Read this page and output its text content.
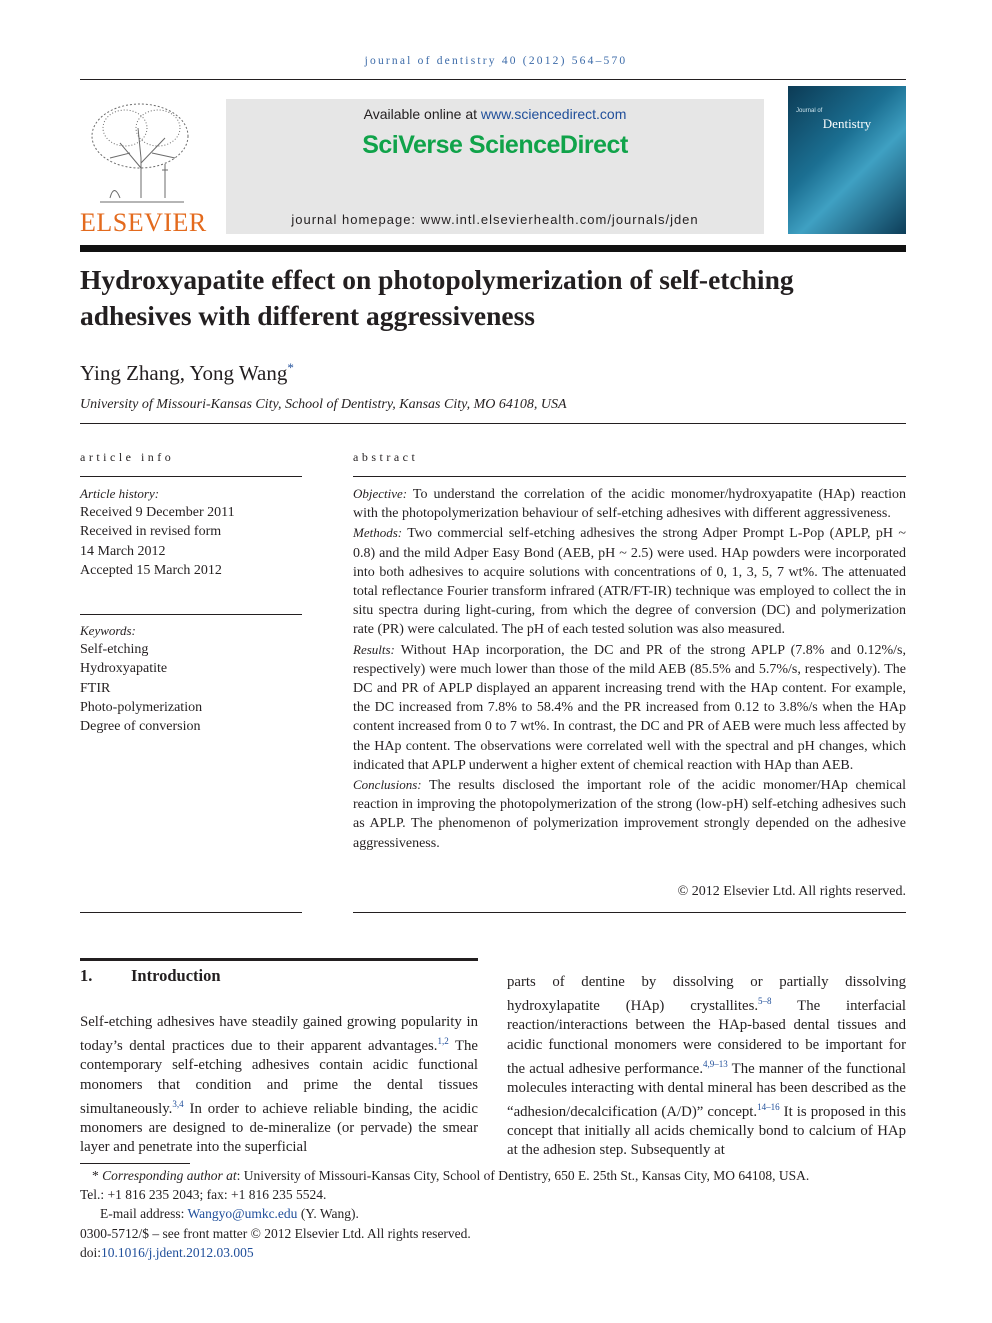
journal of dentistry 40 (2012) 564–570
ELSEVIER
Available online at www.sciencedirect.com
SciVerse ScienceDirect
journal homepage: www.intl.elsevierhealth.com/journals/jden
Journal of
Dentistry
Hydroxyapatite effect on photopolymerization of self-etching adhesives with different aggressiveness
Ying Zhang, Yong Wang*
University of Missouri-Kansas City, School of Dentistry, Kansas City, MO 64108, USA
article info
Article history:
Received 9 December 2011
Received in revised form
14 March 2012
Accepted 15 March 2012
Keywords:
Self-etching
Hydroxyapatite
FTIR
Photo-polymerization
Degree of conversion
abstract

Objective: To understand the correlation of the acidic monomer/hydroxyapatite (HAp) reaction with the photopolymerization behaviour of self-etching adhesives with different aggressiveness.

Methods: Two commercial self-etching adhesives the strong Adper Prompt L-Pop (APLP, pH ~ 0.8) and the mild Adper Easy Bond (AEB, pH ~ 2.5) were used. HAp powders were incorporated into both adhesives to acquire solutions with concentrations of 0, 1, 3, 5, 7 wt%. The attenuated total reflectance Fourier transform infrared (ATR/FT-IR) technique was employed to collect the in situ spectra during light-curing, from which the degree of conversion (DC) and polymerization rate (PR) were calculated. The pH of each tested solution was also measured.

Results: Without HAp incorporation, the DC and PR of the strong APLP (7.8% and 0.12%/s, respectively) were much lower than those of the mild AEB (85.5% and 5.7%/s, respectively). The DC and PR of APLP displayed an apparent increasing trend with the HAp content. For example, the DC increased from 7.8% to 58.4% and the PR increased from 0.12 to 3.8%/s when the HAp content increased from 0 to 7 wt%. In contrast, the DC and PR of AEB were much less affected by the HAp content. The observations were correlated well with the spectral and pH changes, which indicated that APLP underwent a higher extent of chemical reaction with HAp than AEB.

Conclusions: The results disclosed the important role of the acidic monomer/HAp chemical reaction in improving the photopolymerization of the strong (low-pH) self-etching adhesives such as APLP. The phenomenon of polymerization improvement strongly depended on the adhesive aggressiveness.

© 2012 Elsevier Ltd. All rights reserved.
1. Introduction

Self-etching adhesives have steadily gained growing popularity in today’s dental practices due to their apparent advantages.$^{1,2}$ The contemporary self-etching adhesives contain acidic functional monomers that condition and prime the dental tissues simultaneously.$^{3,4}$ In order to achieve reliable binding, the acidic monomers are designed to de-mineralize (or pervade) the smear layer and penetrate into the superficial

parts of dentine by dissolving or partially dissolving hydroxylapatite (HAp) crystallites.$^{5-8}$ The interfacial reaction/interactions between the HAp-based dental tissues and acidic functional monomers were considered to be important for the actual adhesive performance.$^{4,9-13}$ The manner of the functional molecules interacting with dental mineral has been described as the “adhesion/decalcification (A/D)” concept.$^{14-16}$ It is proposed in this concept that initially all acids chemically bond to calcium of HAp at the adhesion step. Subsequently at

* Corresponding author at: University of Missouri-Kansas City, School of Dentistry, 650 E. 25th St., Kansas City, MO 64108, USA.

Tel.: +1 816 235 2043; fax: +1 816 235 5524.

E-mail address: Wangyo@umkc.edu (Y. Wang).

0300-5712/$ – see front matter © 2012 Elsevier Ltd. All rights reserved.

doi:10.1016/j.jdent.2012.03.005
